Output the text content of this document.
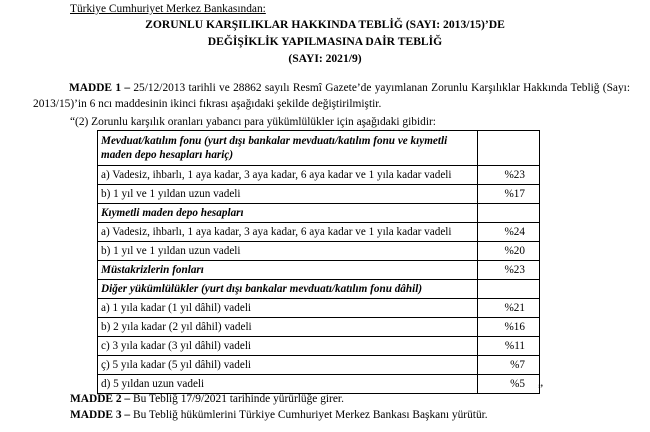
Türkiye Cumhuriyet Merkez Bankasından:
ZORUNLU KARŞILIKLAR HAKKINDA TEBLİĞ (SAYI: 2013/15)’DE
DEĞİŞİKLİK YAPILMASINA DAİR TEBLİĞ
(SAYI: 2021/9)
MADDE 1 – 25/12/2013 tarihli ve 28862 sayılı Resmî Gazete’de yayımlanan Zorunlu Karşılıklar Hakkında Tebliğ (Sayı: 2013/15)’in 6 ncı maddesinin ikinci fıkrası aşağıdaki şekilde değiştirilmiştir.
“(2) Zorunlu karşılık oranları yabancı para yükümlülükler için aşağıdaki gibidir:
Mevduat/katılım fonu (yurt dışı bankalar mevduatı/katılım fonu ve kıymetli maden depo hesapları hariç)	
a) Vadesiz, ihbarlı, 1 aya kadar, 3 aya kadar, 6 aya kadar ve 1 yıla kadar vadeli	%23
b) 1 yıl ve 1 yıldan uzun vadeli	%17
Kıymetli maden depo hesapları	
a) Vadesiz, ihbarlı, 1 aya kadar, 3 aya kadar, 6 aya kadar ve 1 yıla kadar vadeli	%24
b) 1 yıl ve 1 yıldan uzun vadeli	%20
Müstakrizlerin fonları	%23
Diğer yükümlülükler (yurt dışı bankalar mevduatı/katılım fonu dâhil)	
a) 1 yıla kadar (1 yıl dâhil) vadeli	%21
b) 2 yıla kadar (2 yıl dâhil) vadeli	%16
c) 3 yıla kadar (3 yıl dâhil) vadeli	%11
ç) 5 yıla kadar (5 yıl dâhil) vadeli	%7
d) 5 yıldan uzun vadeli	%5 ”
MADDE 2 – Bu Tebliğ 17/9/2021 tarihinde yürürlüğe girer.
MADDE 3 – Bu Tebliğ hükümlerini Türkiye Cumhuriyet Merkez Bankası Başkanı yürütür.
